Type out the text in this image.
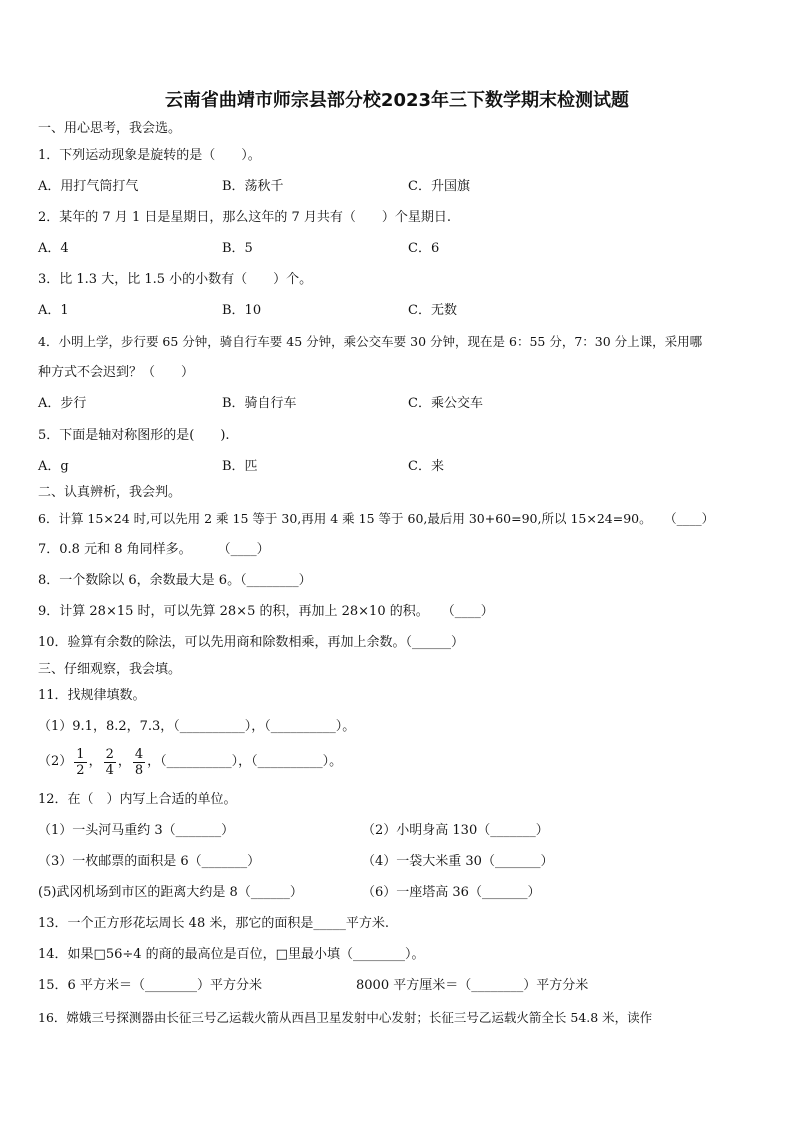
云南省曲靖市师宗县部分校2023年三下数学期末检测试题
一、用心思考，我会选。
1．下列运动现象是旋转的是（　　）。
A．用打气筒打气	B．荡秋千	C．升国旗
2．某年的 7 月 1 日是星期日，那么这年的 7 月共有（　　）个星期日.
A．4	B．5	C．6
3．比 1.3 大，比 1.5 小的小数有（　　）个。
A．1	B．10	C．无数
4．小明上学，步行要 65 分钟，骑自行车要 45 分钟，乘公交车要 30 分钟，现在是 6：55 分，7：30 分上课，采用哪
种方式不会迟到？（　　）
A．步行	B．骑自行车	C．乘公交车
5．下面是轴对称图形的是(　　).
A．g	B．匹	C．来
二、认真辨析，我会判。
6．计算 15×24 时,可以先用 2 乘 15 等于 30,再用 4 乘 15 等于 60,最后用 30+60=90,所以 15×24=90。　　（____）
7．0.8 元和 8 角同样多。　　　（____）
8．一个数除以 6，余数最大是 6。（________）
9．计算 28×15 时，可以先算 28×5 的积，再加上 28×10 的积。　　（____）
10．验算有余数的除法，可以先用商和除数相乘，再加上余数。（______）
三、仔细观察，我会填。
11．找规律填数。
（1）9.1，8.2，7.3，（__________），（__________）。
$(2) \frac{1}{2}$ ， $\frac{2}{4}$ ， $\frac{4}{8}$ ，（__________），（__________）。
12．在（　）内写上合适的单位。
（1）一头河马重约 3（_______）	（2）小明身高 130（_______）
（3）一枚邮票的面积是 6（_______）	（4）一袋大米重 30（_______）
(5)武冈机场到市区的距离大约是 8（______）	（6）一座塔高 36（_______）
13．一个正方形花坛周长 48 米，那它的面积是_____平方米.
14．如果□56÷4 的商的最高位是百位，□里最小填（________）。
15．6 平方米＝（________）平方分米	8000 平方厘米＝（________）平方分米
16．嫦娥三号探测器由长征三号乙运载火箭从西昌卫星发射中心发射；长征三号乙运载火箭全长 54.8 米，读作
